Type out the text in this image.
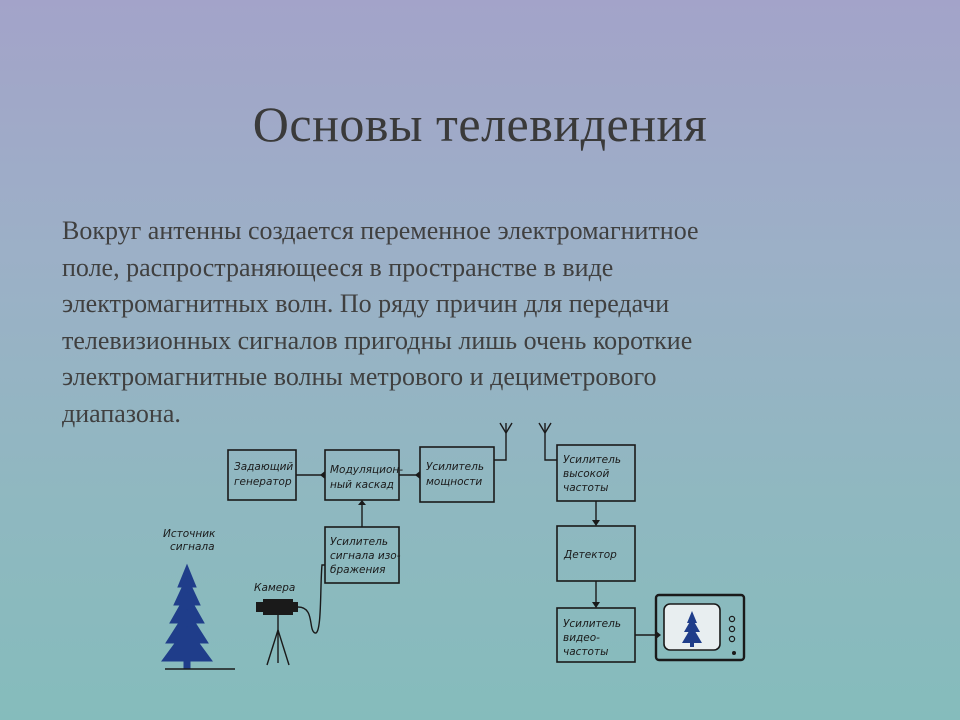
Основы телевидения
Вокруг антенны создается переменное электромагнитное
поле, распространяющееся в пространстве в виде
электромагнитных волн. По ряду причин для передачи
телевизионных сигналов пригодны лишь очень короткие
электромагнитные волны метрового и дециметрового
диапазона.
Источник
сигнала
Камера
Задающий
генератор
Модуляцион-
ный каскад
Усилитель
мощности
Усилитель
сигнала изо-
бражения
Усилитель
высокой
частоты
Детектор
Усилитель
видео-
частоты
